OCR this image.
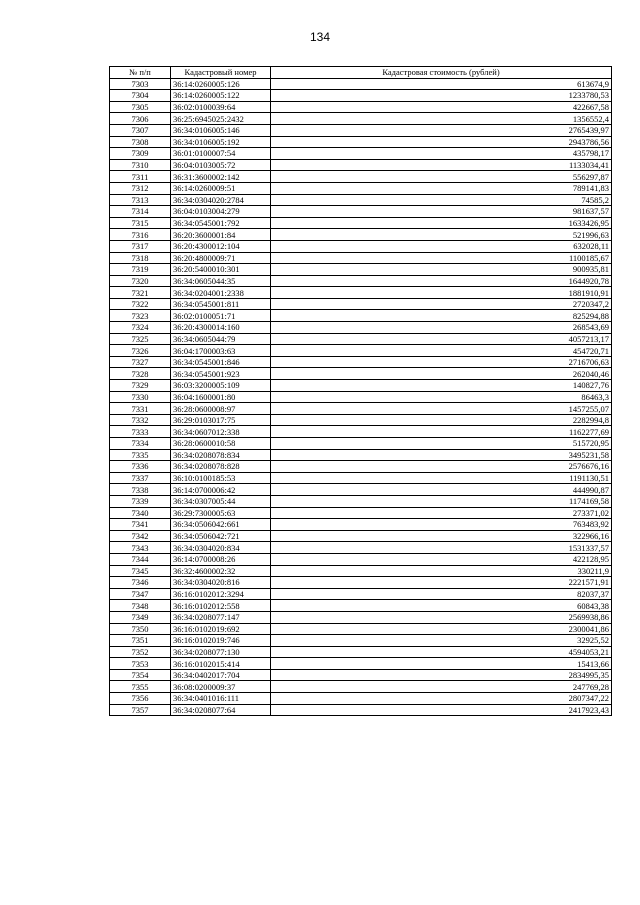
134
№ п/п	Кадастровый номер	Кадастровая стоимость (рублей)
7303	36:14:0260005:126	613674,9
7304	36:14:0260005:122	1233780,53
7305	36:02:0100039:64	422667,58
7306	36:25:6945025:2432	1356552,4
7307	36:34:0106005:146	2765439,97
7308	36:34:0106005:192	2943786,56
7309	36:01:0100007:54	435798,17
7310	36:04:0103005:72	1133034,41
7311	36:31:3600002:142	556297,87
7312	36:14:0260009:51	789141,83
7313	36:34:0304020:2784	74585,2
7314	36:04:0103004:279	981637,57
7315	36:34:0545001:792	1633426,95
7316	36:20:3600001:84	521996,63
7317	36:20:4300012:104	632028,11
7318	36:20:4800009:71	1100185,67
7319	36:20:5400010:301	900935,81
7320	36:34:0605044:35	1644920,78
7321	36:34:0204001:2338	1881910,91
7322	36:34:0545001:811	2720347,2
7323	36:02:0100051:71	825294,88
7324	36:20:4300014:160	268543,69
7325	36:34:0605044:79	4057213,17
7326	36:04:1700003:63	454720,71
7327	36:34:0545001:846	2716706,63
7328	36:34:0545001:923	262040,46
7329	36:03:3200005:109	140827,76
7330	36:04:1600001:80	86463,3
7331	36:28:0600008:97	1457255,07
7332	36:29:0103017:75	2282994,8
7333	36:34:0607012:338	1162277,69
7334	36:28:0600010:58	515720,95
7335	36:34:0208078:834	3495231,58
7336	36:34:0208078:828	2576676,16
7337	36:10:0100185:53	1191130,51
7338	36:14:0700006:42	444990,87
7339	36:34:0307005:44	1174169,58
7340	36:29:7300005:63	273371,02
7341	36:34:0506042:661	763483,92
7342	36:34:0506042:721	322966,16
7343	36:34:0304020:834	1531337,57
7344	36:14:0700008:26	422128,95
7345	36:32:4600002:32	330211,9
7346	36:34:0304020:816	2221571,91
7347	36:16:0102012:3294	82037,37
7348	36:16:0102012:558	60843,38
7349	36:34:0208077:147	2569938,86
7350	36:16:0102019:692	2300041,86
7351	36:16:0102019:746	32925,52
7352	36:34:0208077:130	4594053,21
7353	36:16:0102015:414	15413,66
7354	36:34:0402017:704	2834995,35
7355	36:08:0200009:37	247769,28
7356	36:34:0401016:111	2807347,22
7357	36:34:0208077:64	2417923,43
